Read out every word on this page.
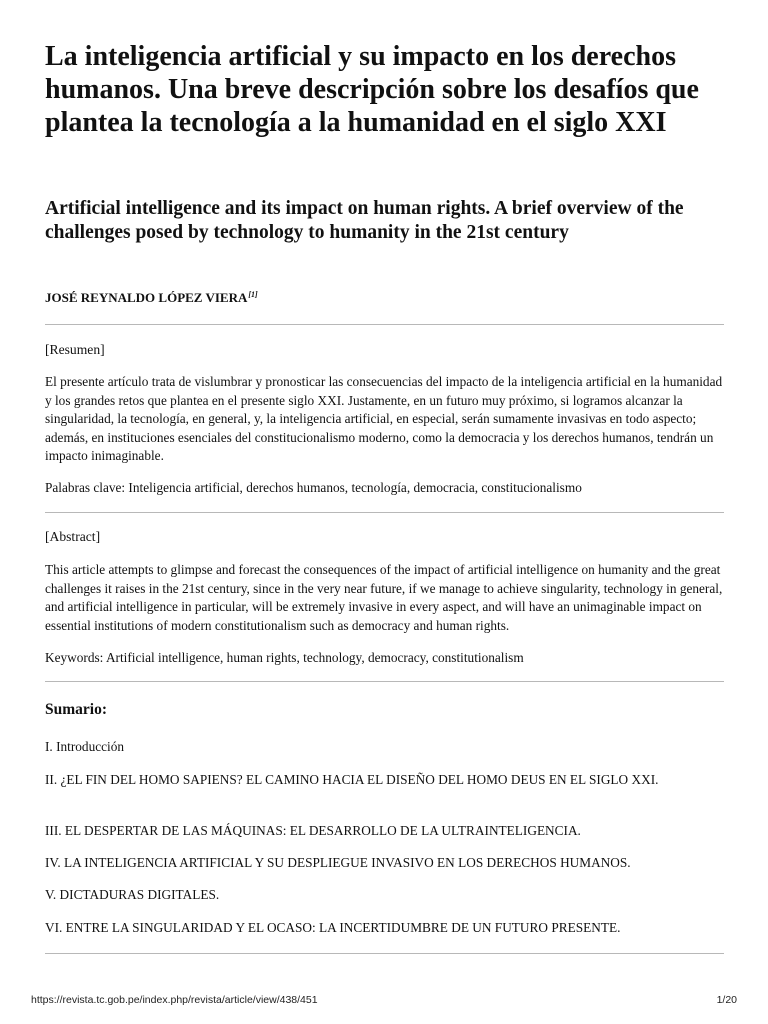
La inteligencia artificial y su impacto en los derechos humanos. Una breve descripción sobre los desafíos que plantea la tecnología a la humanidad en el siglo XXI
Artificial intelligence and its impact on human rights. A brief overview of the challenges posed by technology to humanity in the 21st century

JOSÉ REYNALDO LÓPEZ VIERA[1]

[Resumen]

El presente artículo trata de vislumbrar y pronosticar las consecuencias del impacto de la inteligencia artificial en la humanidad y los grandes retos que plantea en el presente siglo XXI. Justamente, en un futuro muy próximo, si logramos alcanzar la singularidad, la tecnología, en general, y, la inteligencia artificial, en especial, serán sumamente invasivas en todo aspecto; además, en instituciones esenciales del constitucionalismo moderno, como la democracia y los derechos humanos, tendrán un impacto inimaginable.

Palabras clave: Inteligencia artificial, derechos humanos, tecnología, democracia, constitucionalismo

[Abstract]

This article attempts to glimpse and forecast the consequences of the impact of artificial intelligence on humanity and the great challenges it raises in the 21st century, since in the very near future, if we manage to achieve singularity, technology in general, and artificial intelligence in particular, will be extremely invasive in every aspect, and will have an unimaginable impact on essential institutions of modern constitutionalism such as democracy and human rights.

Keywords: Artificial intelligence, human rights, technology, democracy, constitutionalism

Sumario:

I. Introducción

II. ¿EL FIN DEL HOMO SAPIENS? EL CAMINO HACIA EL DISEÑO DEL HOMO DEUS EN EL SIGLO XXI.

III. EL DESPERTAR DE LAS MÁQUINAS: EL DESARROLLO DE LA ULTRAINTELIGENCIA.

IV. LA INTELIGENCIA ARTIFICIAL Y SU DESPLIEGUE INVASIVO EN LOS DERECHOS HUMANOS.

V. DICTADURAS DIGITALES.

VI. ENTRE LA SINGULARIDAD Y EL OCASO: LA INCERTIDUMBRE DE UN FUTURO PRESENTE.

https://revista.tc.gob.pe/index.php/revista/article/view/438/451	1/20
